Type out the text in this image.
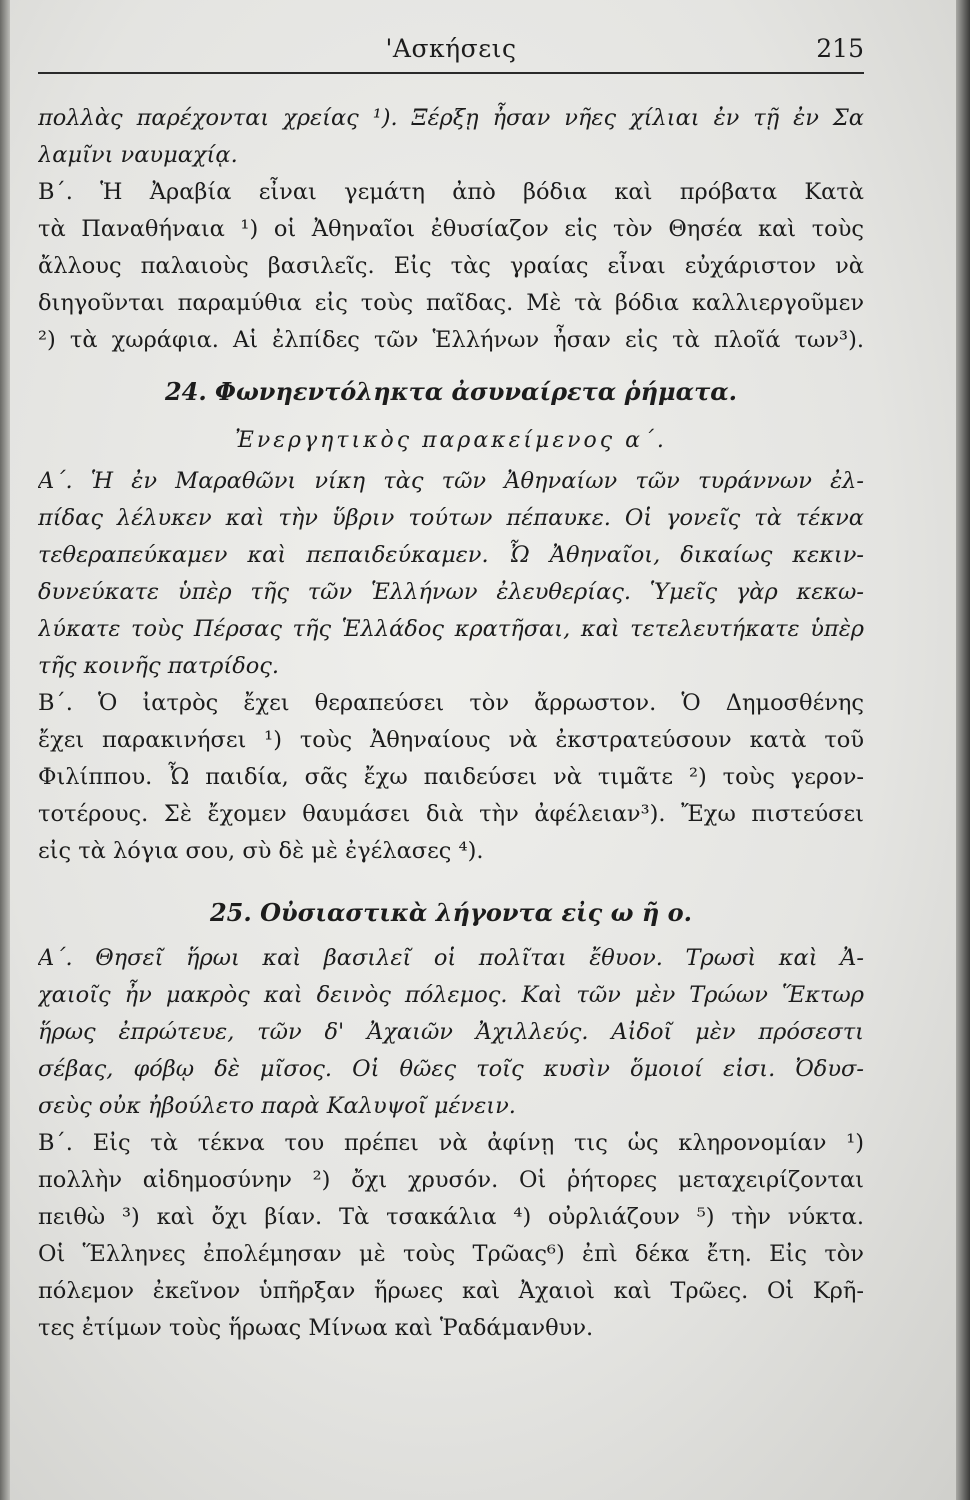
'Ασκήσεις	215
πολλὰς παρέχονται χρείας ¹). Ξέρξῃ ἦσαν νῆες χίλιαι ἐν τῇ ἐν Σα
λαμῖνι ναυμαχίᾳ.
Β΄. Ἡ Ἀραβία εἶναι γεμάτη ἀπὸ βόδια καὶ πρόβατα Κατὰ
τὰ Παναθήναια ¹) οἱ Ἀθηναῖοι ἐθυσίαζον εἰς τὸν Θησέα καὶ τοὺς
ἄλλους παλαιοὺς βασιλεῖς. Εἰς τὰς γραίας εἶναι εὐχάριστον νὰ
διηγοῦνται παραμύθια εἰς τοὺς παῖδας. Μὲ τὰ βόδια καλλιεργοῦμεν
²) τὰ χωράφια. Αἱ ἐλπίδες τῶν Ἑλλήνων ἦσαν εἰς τὰ πλοῖά των³).
24. Φωνηεντόληκτα ἀσυναίρετα ῥήματα.
Ἐνεργητικὸς παρακείμενος α΄.
Α΄. Ἡ ἐν Μαραθῶνι νίκη τὰς τῶν Ἀθηναίων τῶν τυράννων ἐλ-
πίδας λέλυκεν καὶ τὴν ὕβριν τούτων πέπαυκε. Οἱ γονεῖς τὰ τέκνα
τεθεραπεύκαμεν καὶ πεπαιδεύκαμεν. Ὦ Ἀθηναῖοι, δικαίως κεκιν-
δυνεύκατε ὑπὲρ τῆς τῶν Ἑλλήνων ἐλευθερίας. Ὑμεῖς γὰρ κεκω-
λύκατε τοὺς Πέρσας τῆς Ἑλλάδος κρατῆσαι, καὶ τετελευτήκατε ὑπὲρ
τῆς κοινῆς πατρίδος.
Β΄. Ὁ ἰατρὸς ἔχει θεραπεύσει τὸν ἄρρωστον. Ὁ Δημοσθένης
ἔχει παρακινήσει ¹) τοὺς Ἀθηναίους νὰ ἐκστρατεύσουν κατὰ τοῦ
Φιλίππου. Ὦ παιδία, σᾶς ἔχω παιδεύσει νὰ τιμᾶτε ²) τοὺς γερον-
τοτέρους. Σὲ ἔχομεν θαυμάσει διὰ τὴν ἀφέλειαν³). Ἔχω πιστεύσει
εἰς τὰ λόγια σου, σὺ δὲ μὲ ἐγέλασες ⁴).
25. Οὐσιαστικὰ λήγοντα εἰς ω ῆ ο.
Α΄. Θησεῖ ἥρωι καὶ βασιλεῖ οἱ πολῖται ἔθυον. Τρωσὶ καὶ Ἀ-
χαιοῖς ἦν μακρὸς καὶ δεινὸς πόλεμος. Καὶ τῶν μὲν Τρώων Ἕκτωρ
ἥρως ἐπρώτευε, τῶν δ' Ἀχαιῶν Ἀχιλλεύς. Αἰδοῖ μὲν πρόσεστι
σέβας, φόβῳ δὲ μῖσος. Οἱ θῶες τοῖς κυσὶν ὅμοιοί εἰσι. Ὀδυσ-
σεὺς οὐκ ἠβούλετο παρὰ Καλυψοῖ μένειν.
Β΄. Εἰς τὰ τέκνα του πρέπει νὰ ἀφίνῃ τις ὡς κληρονομίαν ¹)
πολλὴν αἰδημοσύνην ²) ὄχι χρυσόν. Οἱ ῥήτορες μεταχειρίζονται
πειθὼ ³) καὶ ὄχι βίαν. Τὰ τσακάλια ⁴) οὐρλιάζουν ⁵) τὴν νύκτα.
Οἱ Ἕλληνες ἐπολέμησαν μὲ τοὺς Τρῶας⁶) ἐπὶ δέκα ἔτη. Εἰς τὸν
πόλεμον ἐκεῖνον ὑπῆρξαν ἥρωες καὶ Ἀχαιοὶ καὶ Τρῶες. Οἱ Κρῆ-
τες ἐτίμων τοὺς ἥρωας Μίνωα καὶ Ῥαδάμανθυν.
